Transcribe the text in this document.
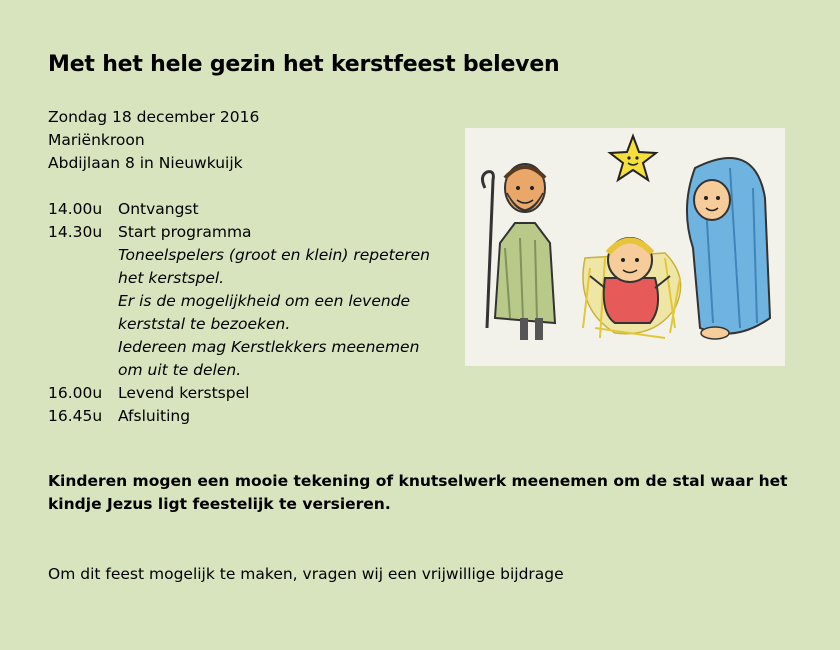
Met het hele gezin het kerstfeest beleven
Zondag 18 december 2016
Mariënkroon
Abdijlaan 8 in Nieuwkuijk
14.00u	Ontvangst
14.30u	Start programma
Toneelspelers (groot en klein) repeteren
het kerstspel.
Er is de mogelijkheid om een levende
kerststal te bezoeken.
Iedereen mag Kerstlekkers meenemen
om uit te delen.
16.00u	Levend kerstspel
16.45u	Afsluiting
Kinderen mogen een mooie tekening of knutselwerk meenemen om de stal waar het kindje Jezus ligt feestelijk te versieren.
Om dit feest mogelijk te maken, vragen wij een vrijwillige bijdrage
